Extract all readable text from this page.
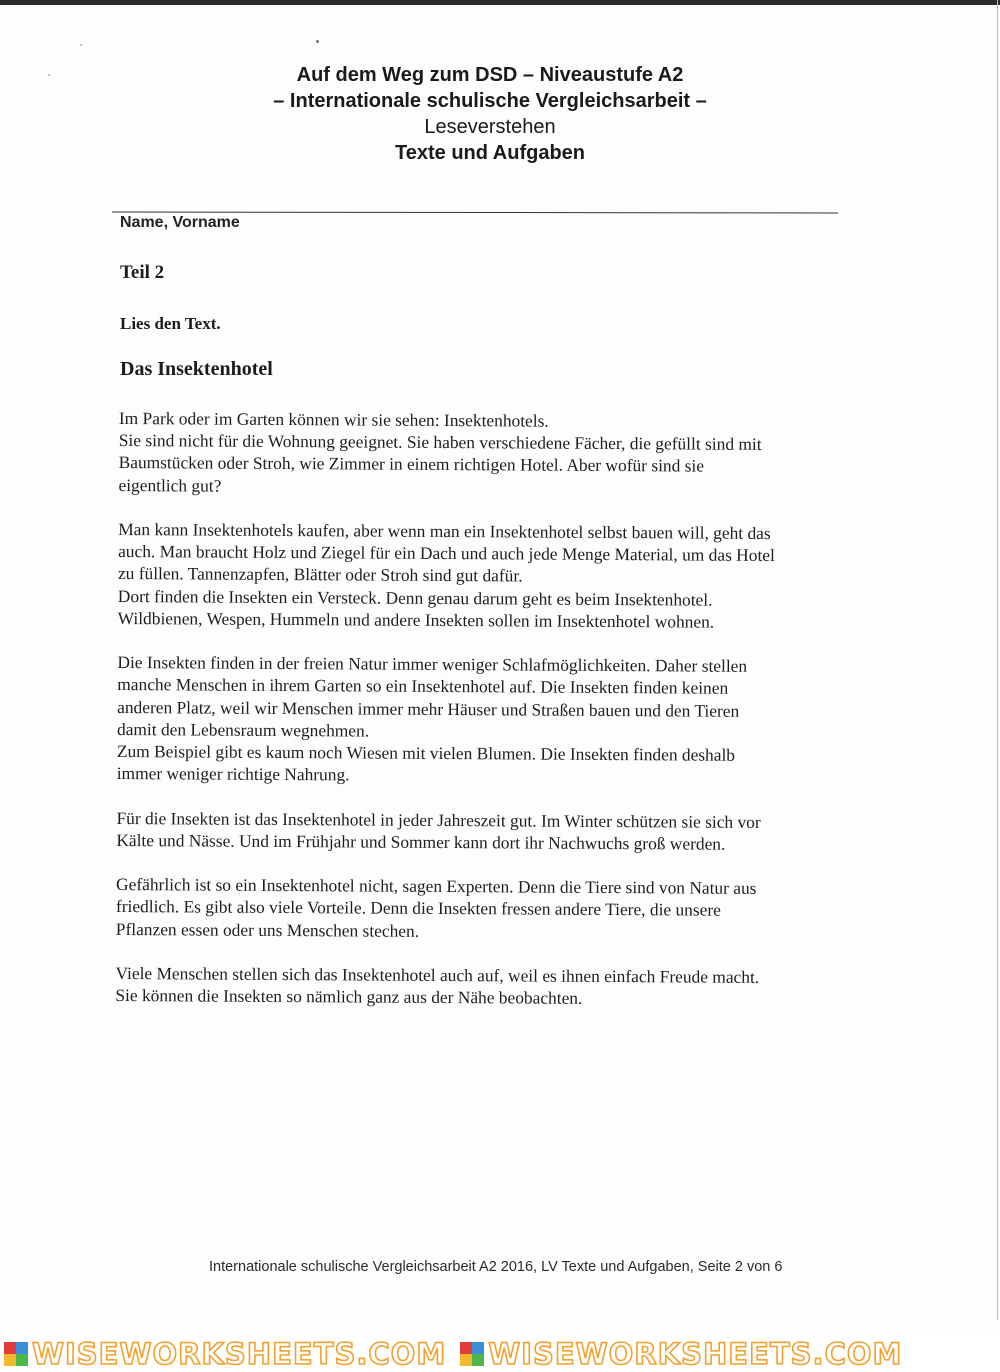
Auf dem Weg zum DSD – Niveaustufe A2
– Internationale schulische Vergleichsarbeit –
Leseverstehen
Texte und Aufgaben
Name, Vorname
Teil 2
Lies den Text.
Das Insektenhotel

Im Park oder im Garten können wir sie sehen: Insektenhotels.
Sie sind nicht für die Wohnung geeignet. Sie haben verschiedene Fächer, die gefüllt sind mit
Baumstücken oder Stroh, wie Zimmer in einem richtigen Hotel. Aber wofür sind sie
eigentlich gut?

Man kann Insektenhotels kaufen, aber wenn man ein Insektenhotel selbst bauen will, geht das
auch. Man braucht Holz und Ziegel für ein Dach und auch jede Menge Material, um das Hotel
zu füllen. Tannenzapfen, Blätter oder Stroh sind gut dafür.
Dort finden die Insekten ein Versteck. Denn genau darum geht es beim Insektenhotel.
Wildbienen, Wespen, Hummeln und andere Insekten sollen im Insektenhotel wohnen.

Die Insekten finden in der freien Natur immer weniger Schlafmöglichkeiten. Daher stellen
manche Menschen in ihrem Garten so ein Insektenhotel auf. Die Insekten finden keinen
anderen Platz, weil wir Menschen immer mehr Häuser und Straßen bauen und den Tieren
damit den Lebensraum wegnehmen.
Zum Beispiel gibt es kaum noch Wiesen mit vielen Blumen. Die Insekten finden deshalb
immer weniger richtige Nahrung.

Für die Insekten ist das Insektenhotel in jeder Jahreszeit gut. Im Winter schützen sie sich vor
Kälte und Nässe. Und im Frühjahr und Sommer kann dort ihr Nachwuchs groß werden.

Gefährlich ist so ein Insektenhotel nicht, sagen Experten. Denn die Tiere sind von Natur aus
friedlich. Es gibt also viele Vorteile. Denn die Insekten fressen andere Tiere, die unsere
Pflanzen essen oder uns Menschen stechen.

Viele Menschen stellen sich das Insektenhotel auch auf, weil es ihnen einfach Freude macht.
Sie können die Insekten so nämlich ganz aus der Nähe beobachten.

Internationale schulische Vergleichsarbeit A2 2016, LV Texte und Aufgaben, Seite 2 von 6
WISEWORKSHEETS.COM WISEWORKSHEETS.COM
